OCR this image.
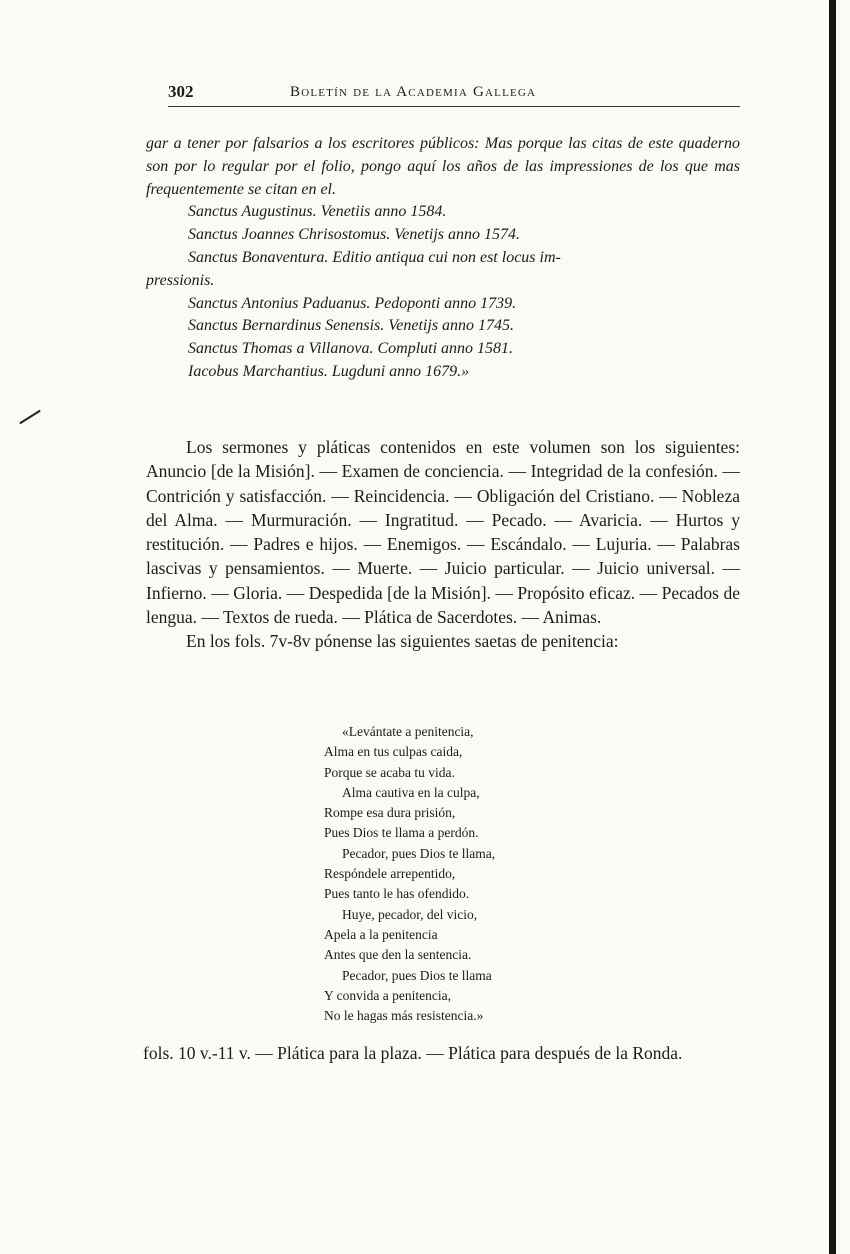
302	Boletín de la Academia Gallega

gar a tener por falsarios a los escritores públicos: Mas porque las citas de este quaderno son por lo regular por el folio, pongo aquí los años de las impressiones de los que mas frequentemente se citan en el.

Sanctus Augustinus. Venetiis anno 1584.

Sanctus Joannes Chrisostomus. Venetijs anno 1574.

Sanctus Bonaventura. Editio antiqua cui non est locus im-

pressionis.

Sanctus Antonius Paduanus. Pedoponti anno 1739.

Sanctus Bernardinus Senensis. Venetijs anno 1745.

Sanctus Thomas a Villanova. Compluti anno 1581.

Iacobus Marchantius. Lugduni anno 1679.»

Los sermones y pláticas contenidos en este volumen son los siguientes: Anuncio [de la Misión]. — Examen de conciencia. — Integridad de la confesión. — Contrición y satisfacción. — Reincidencia. — Obligación del Cristiano. — Nobleza del Alma. — Murmuración. — Ingratitud. — Pecado. — Avaricia. — Hurtos y restitución. — Padres e hijos. — Enemigos. — Escándalo. — Lujuria. — Palabras lascivas y pensamientos. — Muerte. — Juicio particular. — Juicio universal. — Infierno. — Gloria. — Despedida [de la Misión]. — Propósito eficaz. — Pecados de lengua. — Textos de rueda. — Plática de Sacerdotes. — Animas.

En los fols. 7v-8v pónense las siguientes saetas de penitencia:

«Levántate a penitencia,
Alma en tus culpas caida,
Porque se acaba tu vida.
Alma cautiva en la culpa,
Rompe esa dura prisión,
Pues Dios te llama a perdón.
Pecador, pues Dios te llama,
Respóndele arrepentido,
Pues tanto le has ofendido.
Huye, pecador, del vicio,
Apela a la penitencia
Antes que den la sentencia.
Pecador, pues Dios te llama
Y convida a penitencia,
No le hagas más resistencia.»

fols. 10 v.-11 v. — Plática para la plaza. — Plática para después de la Ronda.
